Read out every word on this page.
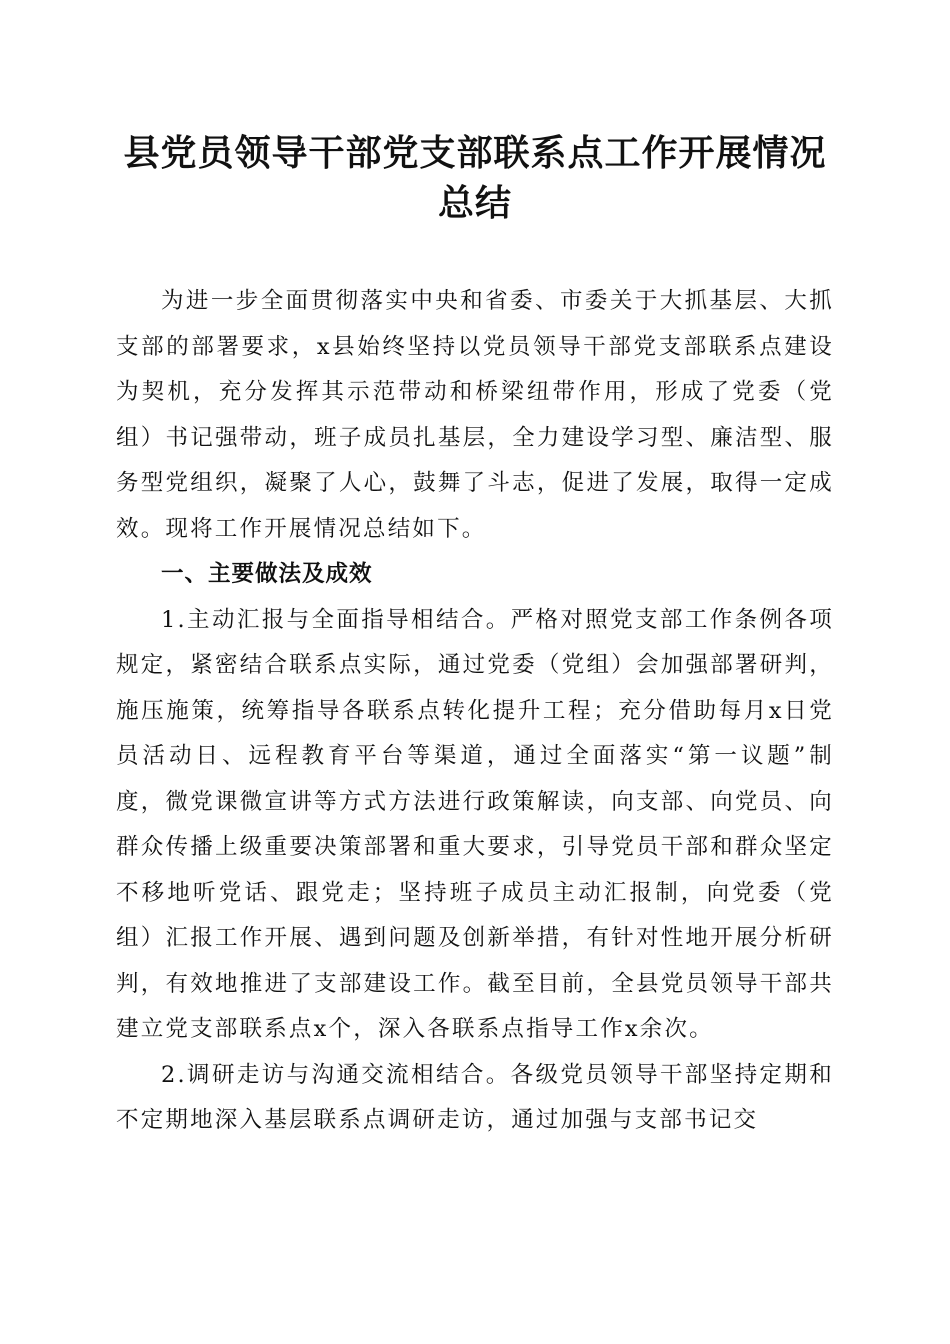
县党员领导干部党支部联系点工作开展情况总结

为进一步全面贯彻落实中央和省委、市委关于大抓基层、大抓支部的部署要求，x县始终坚持以党员领导干部党支部联系点建设为契机，充分发挥其示范带动和桥梁纽带作用，形成了党委（党组）书记强带动，班子成员扎基层，全力建设学习型、廉洁型、服务型党组织，凝聚了人心，鼓舞了斗志，促进了发展，取得一定成效。现将工作开展情况总结如下。

一、主要做法及成效

1.主动汇报与全面指导相结合。严格对照党支部工作条例各项规定，紧密结合联系点实际，通过党委（党组）会加强部署研判，施压施策，统筹指导各联系点转化提升工程；充分借助每月x日党员活动日、远程教育平台等渠道，通过全面落实“第一议题”制度，微党课微宣讲等方式方法进行政策解读，向支部、向党员、向群众传播上级重要决策部署和重大要求，引导党员干部和群众坚定不移地听党话、跟党走；坚持班子成员主动汇报制，向党委（党组）汇报工作开展、遇到问题及创新举措，有针对性地开展分析研判，有效地推进了支部建设工作。截至目前，全县党员领导干部共建立党支部联系点x个，深入各联系点指导工作x余次。

2.调研走访与沟通交流相结合。各级党员领导干部坚持定期和不定期地深入基层联系点调研走访，通过加强与支部书记交
